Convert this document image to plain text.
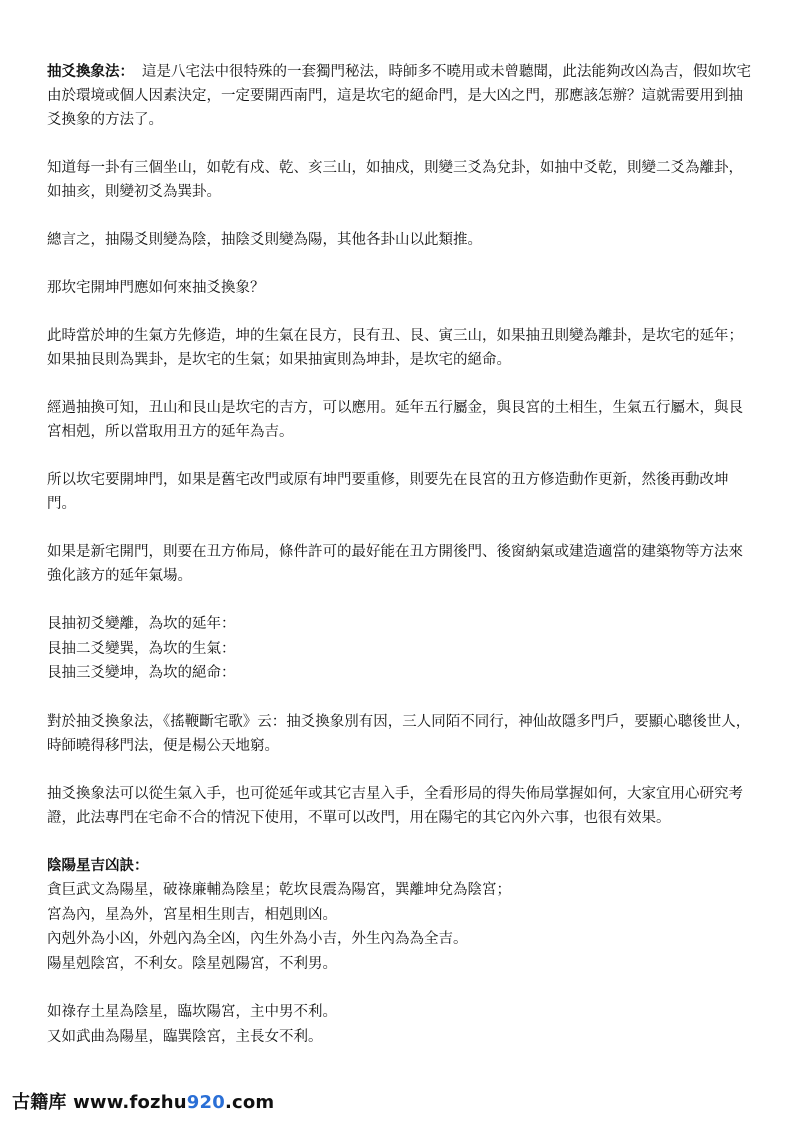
抽爻換象法： 這是八宅法中很特殊的一套獨門秘法，時師多不曉用或未曾聽聞，此法能夠改凶為吉，假如坎宅由於環境或個人因素決定，一定要開西南門，這是坎宅的絕命門，是大凶之門，那應該怎辦？這就需要用到抽爻換象的方法了。

知道每一卦有三個坐山，如乾有戍、乾、亥三山，如抽戍，則變三爻為兌卦，如抽中爻乾，則變二爻為離卦，如抽亥，則變初爻為巽卦。

總言之，抽陽爻則變為陰，抽陰爻則變為陽，其他各卦山以此類推。

那坎宅開坤門應如何來抽爻換象？

此時當於坤的生氣方先修造，坤的生氣在艮方，艮有丑、艮、寅三山，如果抽丑則變為離卦，是坎宅的延年；如果抽艮則為巽卦，是坎宅的生氣；如果抽寅則為坤卦，是坎宅的絕命。

經過抽換可知，丑山和艮山是坎宅的吉方，可以應用。延年五行屬金，與艮宮的土相生，生氣五行屬木，與艮宮相剋，所以當取用丑方的延年為吉。

所以坎宅要開坤門，如果是舊宅改門或原有坤門要重修，則要先在艮宮的丑方修造動作更新，然後再動改坤門。

如果是新宅開門，則要在丑方佈局，條件許可的最好能在丑方開後門、後窗納氣或建造適當的建築物等方法來強化該方的延年氣場。

艮抽初爻變離，為坎的延年：
艮抽二爻變巽，為坎的生氣：
艮抽三爻變坤，為坎的絕命：

對於抽爻換象法，《搖鞭斷宅歌》云：抽爻換象別有因，三人同陌不同行，神仙故隱多門戶，要顯心聰後世人，時師曉得移門法，便是楊公天地窮。

抽爻換象法可以從生氣入手，也可從延年或其它吉星入手，全看形局的得失佈局掌握如何，大家宜用心研究考證，此法專門在宅命不合的情況下使用，不單可以改門，用在陽宅的其它內外六事，也很有效果。

陰陽星吉凶訣：
貪巨武文為陽星，破祿廉輔為陰星；乾坎艮震為陽宮，巽離坤兌為陰宮；
宮為內，星為外，宮星相生則吉，相剋則凶。
內剋外為小凶，外剋內為全凶，內生外為小吉，外生內為為全吉。
陽星剋陰宮，不利女。陰星剋陽宮，不利男。
如祿存土星為陰星，臨坎陽宮，主中男不利。
又如武曲為陽星，臨巽陰宮，主長女不利。
古籍库 www.fozhu920.com
